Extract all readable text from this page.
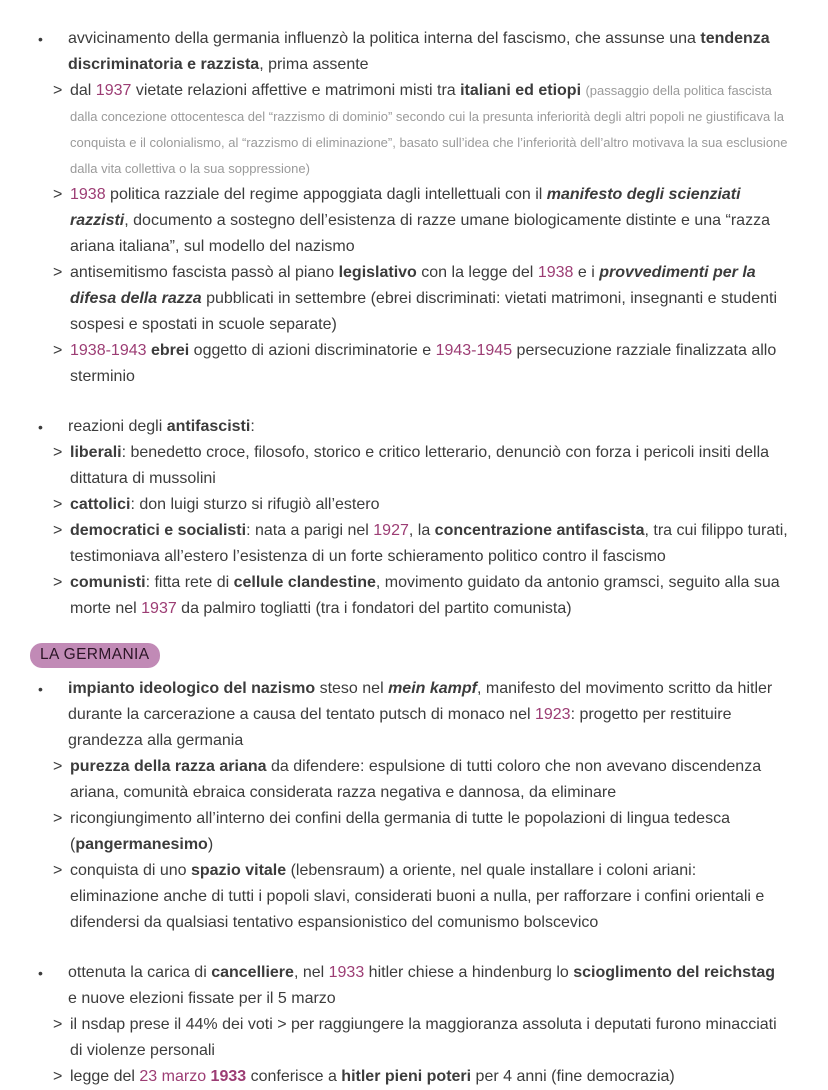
• avvicinamento della germania influenzò la politica interna del fascismo, che assunse una tendenza discriminatoria e razzista, prima assente
> dal 1937 vietate relazioni affettive e matrimoni misti tra italiani ed etiopi (passaggio della politica fascista dalla concezione ottocentesca del “razzismo di dominio” secondo cui la presunta inferiorità degli altri popoli ne giustificava la conquista e il colonialismo, al “razzismo di eliminazione”, basato sull’idea che l’inferiorità dell’altro motivava la sua esclusione dalla vita collettiva o la sua soppressione)
> 1938 politica razziale del regime appoggiata dagli intellettuali con il manifesto degli scienziati razzisti, documento a sostegno dell’esistenza di razze umane biologicamente distinte e una “razza ariana italiana”, sul modello del nazismo
> antisemitismo fascista passò al piano legislativo con la legge del 1938 e i provvedimenti per la difesa della razza pubblicati in settembre (ebrei discriminati: vietati matrimoni, insegnanti e studenti sospesi e spostati in scuole separate)
> 1938-1943 ebrei oggetto di azioni discriminatorie e 1943-1945 persecuzione razziale finalizzata allo sterminio
• reazioni degli antifascisti:
> liberali: benedetto croce, filosofo, storico e critico letterario, denunciò con forza i pericoli insiti della dittatura di mussolini
> cattolici: don luigi sturzo si rifugiò all’estero
> democratici e socialisti: nata a parigi nel 1927, la concentrazione antifascista, tra cui filippo turati, testimoniava all’estero l’esistenza di un forte schieramento politico contro il fascismo
> comunisti: fitta rete di cellule clandestine, movimento guidato da antonio gramsci, seguito alla sua morte nel 1937 da palmiro togliatti (tra i fondatori del partito comunista)
LA GERMANIA
• impianto ideologico del nazismo steso nel mein kampf, manifesto del movimento scritto da hitler durante la carcerazione a causa del tentato putsch di monaco nel 1923: progetto per restituire grandezza alla germania
> purezza della razza ariana da difendere: espulsione di tutti coloro che non avevano discendenza ariana, comunità ebraica considerata razza negativa e dannosa, da eliminare
> ricongiungimento all’interno dei confini della germania di tutte le popolazioni di lingua tedesca (pangermanesimo)
> conquista di uno spazio vitale (lebensraum) a oriente, nel quale installare i coloni ariani: eliminazione anche di tutti i popoli slavi, considerati buoni a nulla, per rafforzare i confini orientali e difendersi da qualsiasi tentativo espansionistico del comunismo bolscevico
• ottenuta la carica di cancelliere, nel 1933 hitler chiese a hindenburg lo scioglimento del reichstag e nuove elezioni fissate per il 5 marzo
> il nsdap prese il 44% dei voti > per raggiungere la maggioranza assoluta i deputati furono minacciati di violenze personali
> legge del 23 marzo 1933 conferisce a hitler pieni poteri per 4 anni (fine democrazia)
